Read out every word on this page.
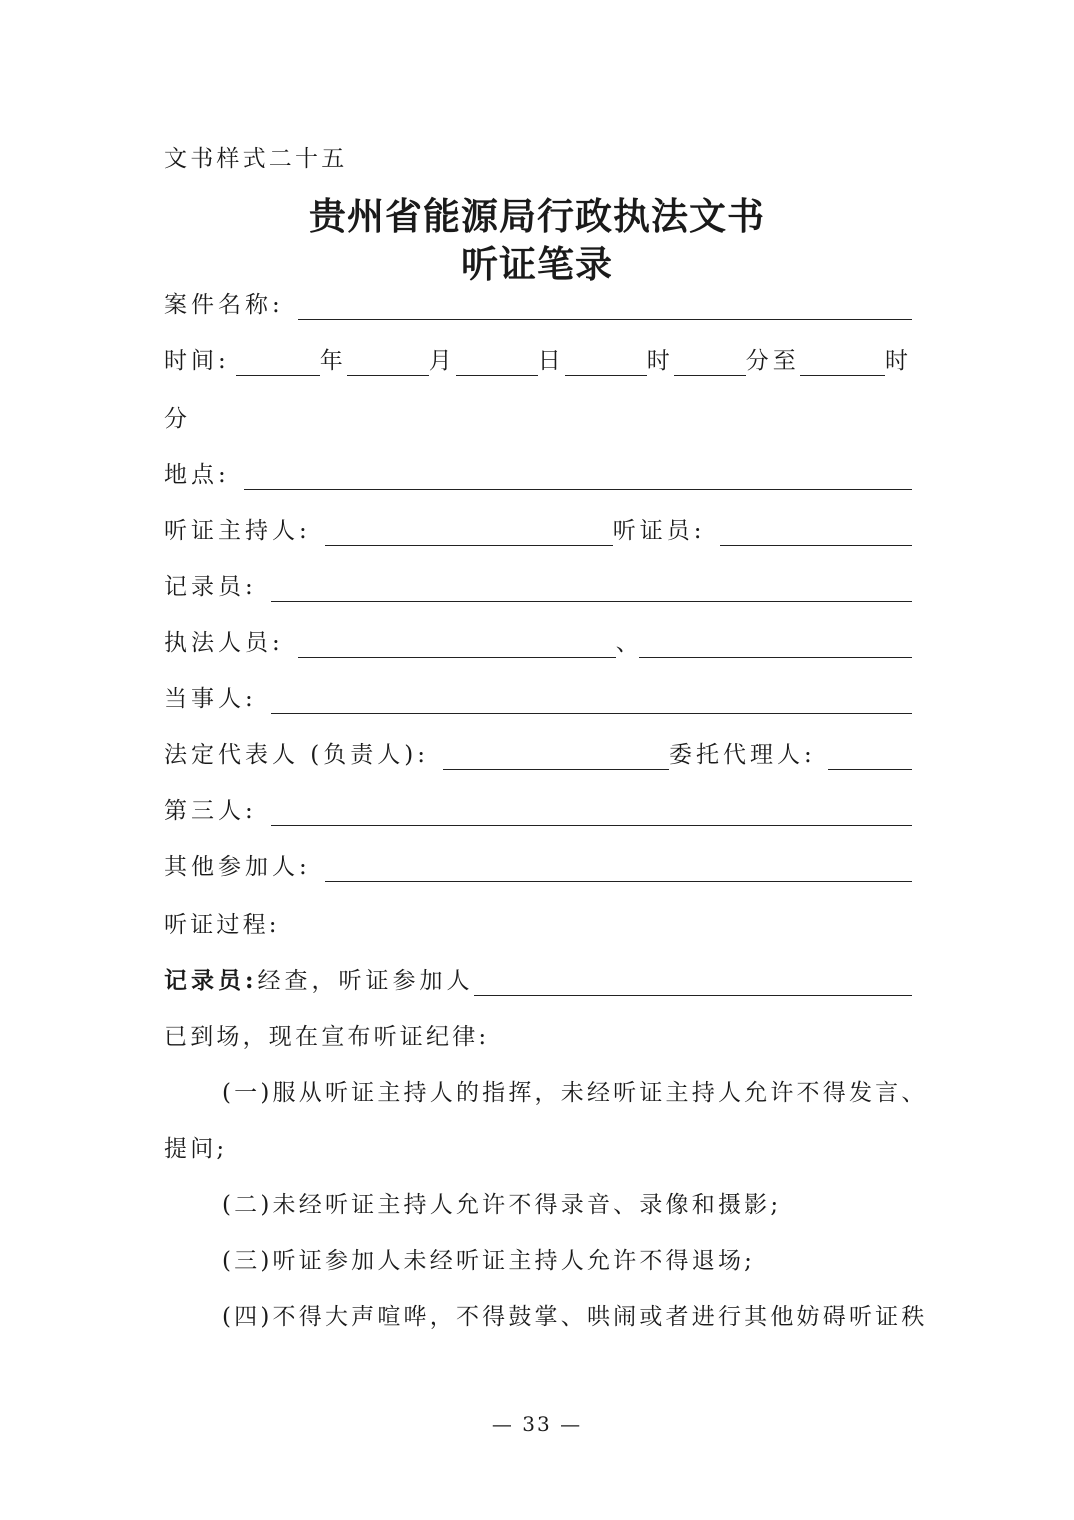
文书样式二十五
贵州省能源局行政执法文书
听证笔录
案件名称:
时间:	年	月	日	时	分至	时
分
地点:
听证主持人:	听证员:
记录员:
执法人员:	、
当事人:
法定代表人 (负责人):	委托代理人:
第三人:
其他参加人:
听证过程:
记录员: 经查，听证参加人
已到场，现在宣布听证纪律:
(一)服从听证主持人的指挥，未经听证主持人允许不得发言、
提问;
(二)未经听证主持人允许不得录音、录像和摄影;
(三)听证参加人未经听证主持人允许不得退场;
(四)不得大声喧哗，不得鼓掌、哄闹或者进行其他妨碍听证秩
— 33 —
